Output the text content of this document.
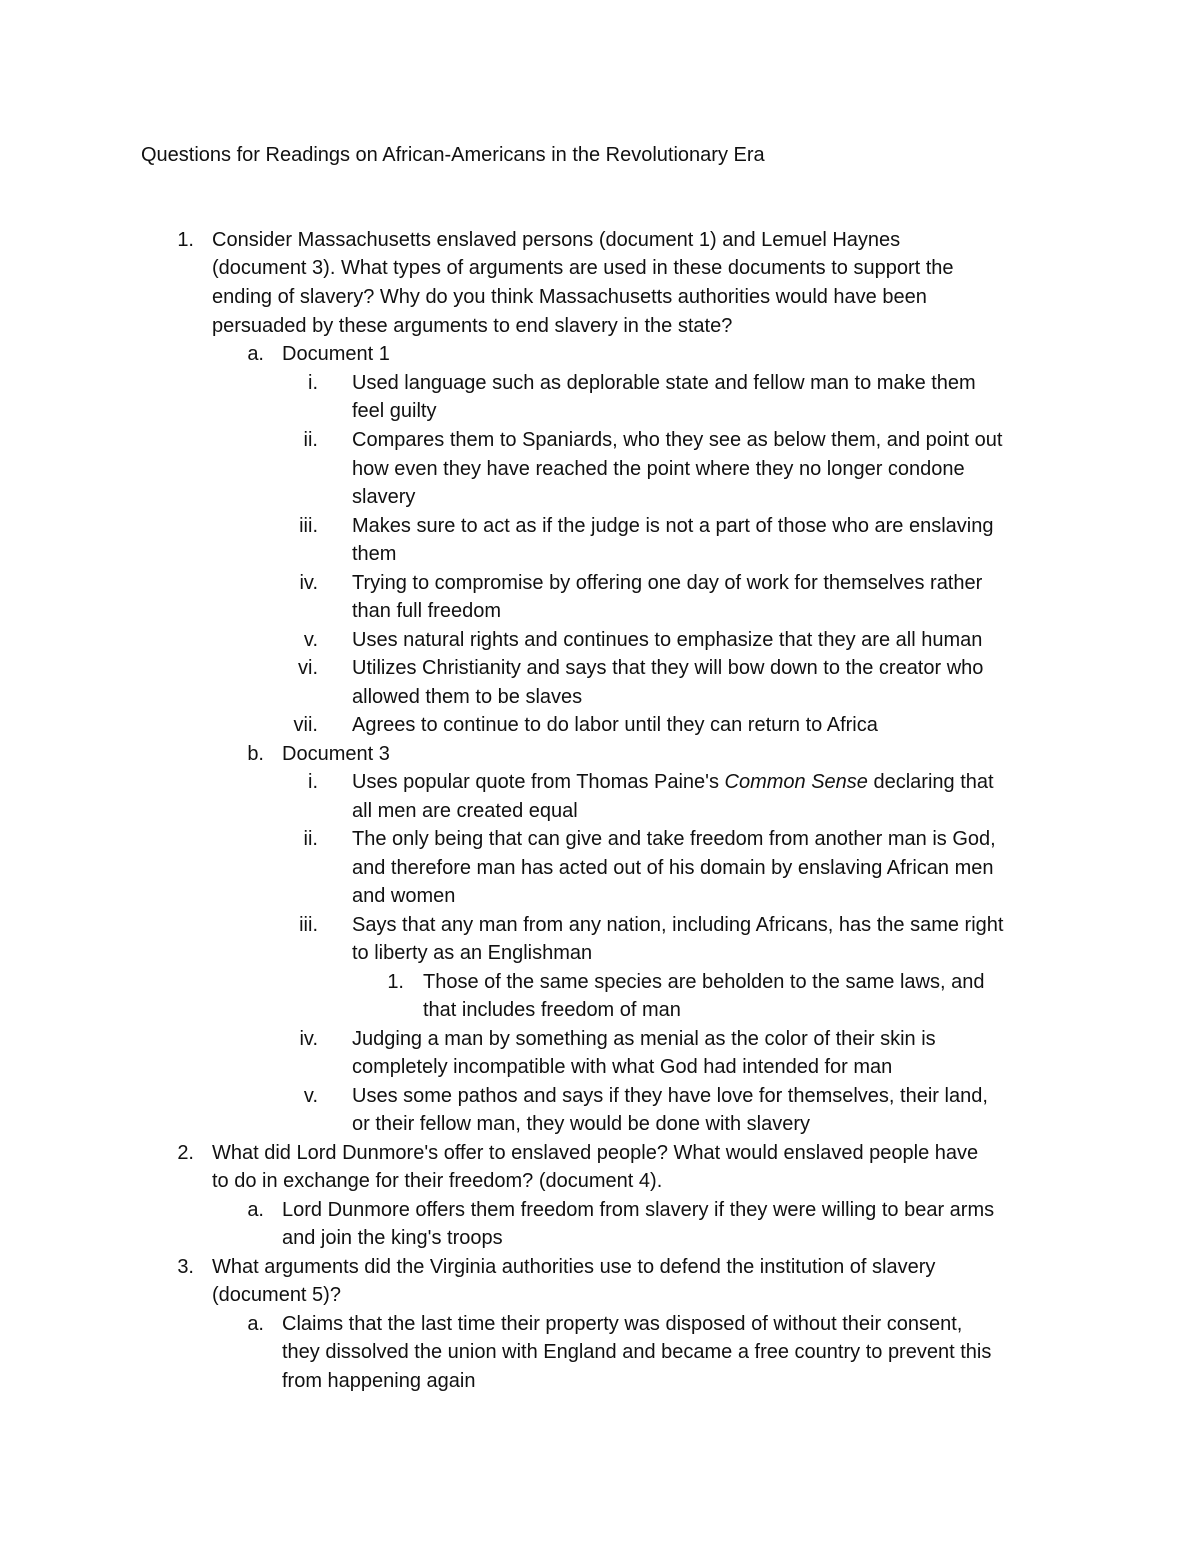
Questions for Readings on African-Americans in the Revolutionary Era
1. Consider Massachusetts enslaved persons (document 1) and Lemuel Haynes
(document 3). What types of arguments are used in these documents to support the
ending of slavery? Why do you think Massachusetts authorities would have been
persuaded by these arguments to end slavery in the state?
a. Document 1
i. Used language such as deplorable state and fellow man to make them
feel guilty
ii. Compares them to Spaniards, who they see as below them, and point out
how even they have reached the point where they no longer condone
slavery
iii. Makes sure to act as if the judge is not a part of those who are enslaving
them
iv. Trying to compromise by offering one day of work for themselves rather
than full freedom
v. Uses natural rights and continues to emphasize that they are all human
vi. Utilizes Christianity and says that they will bow down to the creator who
allowed them to be slaves
vii. Agrees to continue to do labor until they can return to Africa
b. Document 3
i. Uses popular quote from Thomas Paine's Common Sense declaring that
all men are created equal
ii. The only being that can give and take freedom from another man is God,
and therefore man has acted out of his domain by enslaving African men
and women
iii. Says that any man from any nation, including Africans, has the same right
to liberty as an Englishman
1. Those of the same species are beholden to the same laws, and
that includes freedom of man
iv. Judging a man by something as menial as the color of their skin is
completely incompatible with what God had intended for man
v. Uses some pathos and says if they have love for themselves, their land,
or their fellow man, they would be done with slavery
2. What did Lord Dunmore's offer to enslaved people? What would enslaved people have
to do in exchange for their freedom? (document 4).
a. Lord Dunmore offers them freedom from slavery if they were willing to bear arms
and join the king's troops
3. What arguments did the Virginia authorities use to defend the institution of slavery
(document 5)?
a. Claims that the last time their property was disposed of without their consent,
they dissolved the union with England and became a free country to prevent this
from happening again
